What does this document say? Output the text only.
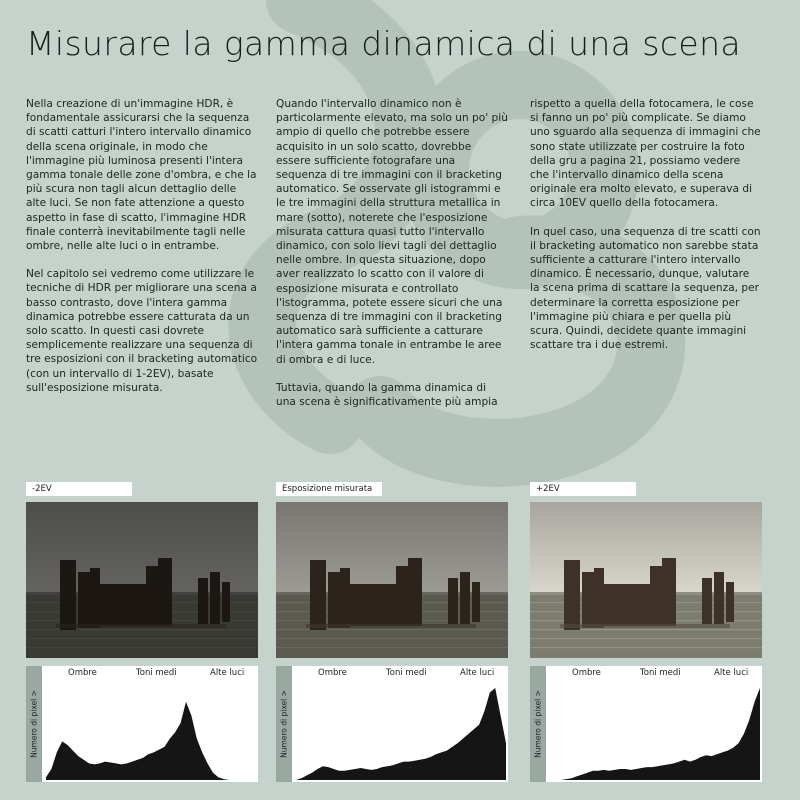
Misurare la gamma dinamica di una scena

Nella creazione di un'immagine HDR, è fondamentale assicurarsi che la sequenza di scatti catturi l'intero intervallo dinamico della scena originale, in modo che l'immagine più luminosa presenti l'intera gamma tonale delle zone d'ombra, e che la più scura non tagli alcun dettaglio delle alte luci. Se non fate attenzione a questo aspetto in fase di scatto, l'immagine HDR finale conterrà inevitabilmente tagli nelle ombre, nelle alte luci o in entrambe.

Nel capitolo sei vedremo come utilizzare le tecniche di HDR per migliorare una scena a basso contrasto, dove l'intera gamma dinamica potrebbe essere catturata da un solo scatto. In questi casi dovrete semplicemente realizzare una sequenza di tre esposizioni con il bracketing automatico (con un intervallo di 1-2EV), basate sull'esposizione misurata.

Quando l'intervallo dinamico non è particolarmente elevato, ma solo un po' più ampio di quello che potrebbe essere acquisito in un solo scatto, dovrebbe essere sufficiente fotografare una sequenza di tre immagini con il bracketing automatico. Se osservate gli istogrammi e le tre immagini della struttura metallica in mare (sotto), noterete che l'esposizione misurata cattura quasi tutto l'intervallo dinamico, con solo lievi tagli del dettaglio nelle ombre. In questa situazione, dopo aver realizzato lo scatto con il valore di esposizione misurata e controllato l'istogramma, potete essere sicuri che una sequenza di tre immagini con il bracketing automatico sarà sufficiente a catturare l'intera gamma tonale in entrambe le aree di ombra e di luce.

Tuttavia, quando la gamma dinamica di una scena è significativamente più ampia

rispetto a quella della fotocamera, le cose si fanno un po' più complicate. Se diamo uno sguardo alla sequenza di immagini che sono state utilizzate per costruire la foto della gru a pagina 21, possiamo vedere che l'intervallo dinamico della scena originale era molto elevato, e superava di circa 10EV quello della fotocamera.

In quel caso, una sequenza di tre scatti con il bracketing automatico non sarebbe stata sufficiente a catturare l'intero intervallo dinamico. È necessario, dunque, valutare la scena prima di scattare la sequenza, per determinare la corretta esposizione per l'immagine più chiara e per quella più scura. Quindi, decidete quante immagini scattare tra i due estremi.

-2EV
Numero di pixel >
Ombre	Toni medi	Alte luci
Esposizione misurata
Numero di pixel >
Ombre	Toni medi	Alte luci
+2EV
Numero di pixel >
Ombre	Toni medi	Alte luci
